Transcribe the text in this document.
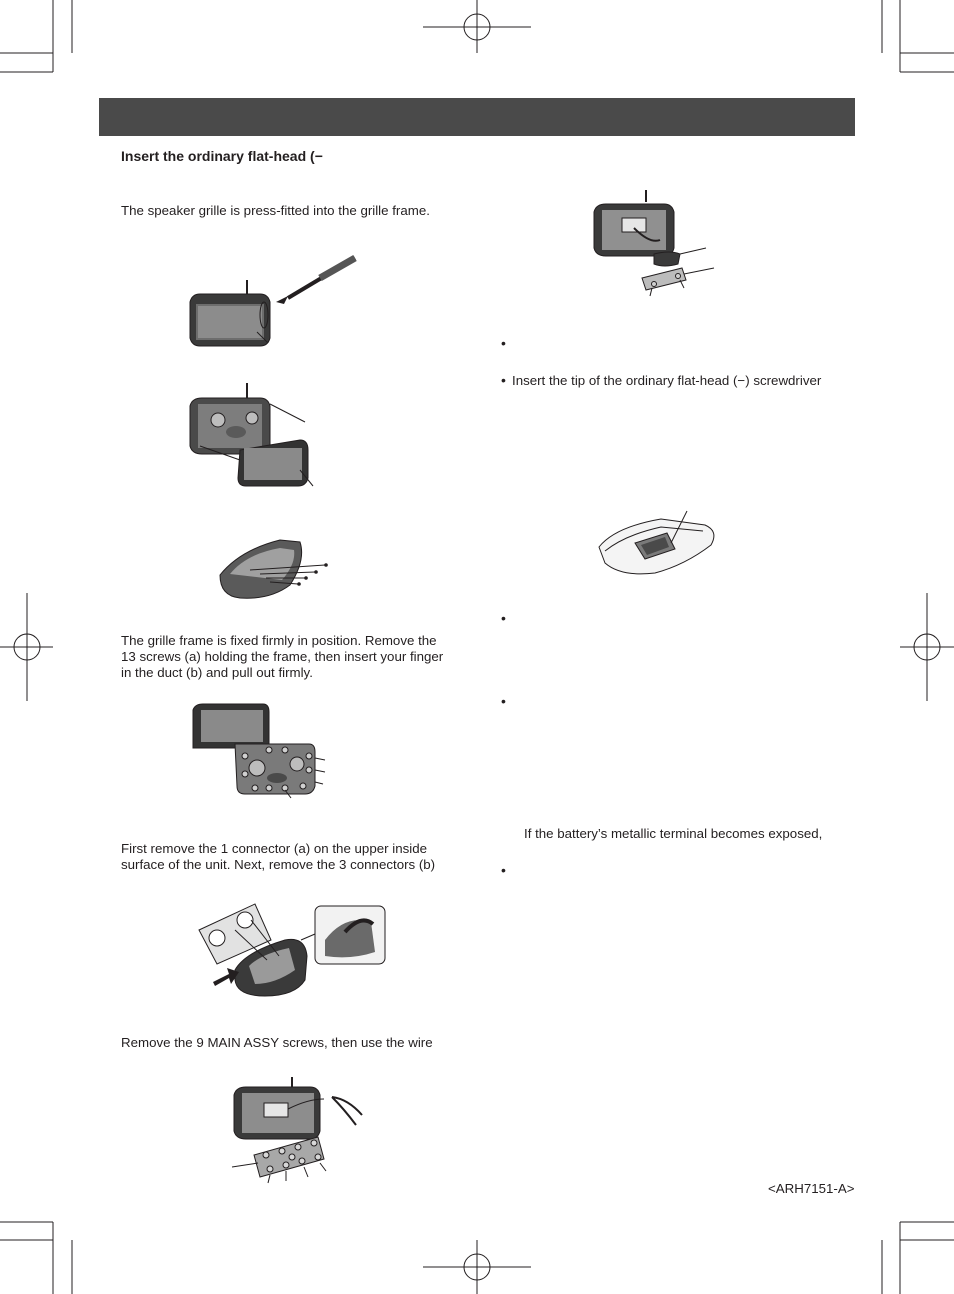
Insert the ordinary flat-head (−
The speaker grille is press-fitted into the grille frame.
The grille frame is fixed firmly in position. Remove the
13 screws (a) holding the frame, then insert your finger
in the duct (b) and pull out firmly.
First remove the 1 connector (a) on the upper inside
surface of the unit. Next, remove the 3 connectors (b)
Remove the 9 MAIN ASSY screws, then use the wire
•
• Insert the tip of the ordinary flat-head (−) screwdriver
•
•
If the battery’s metallic terminal becomes exposed,
•
<ARH7151-A>
